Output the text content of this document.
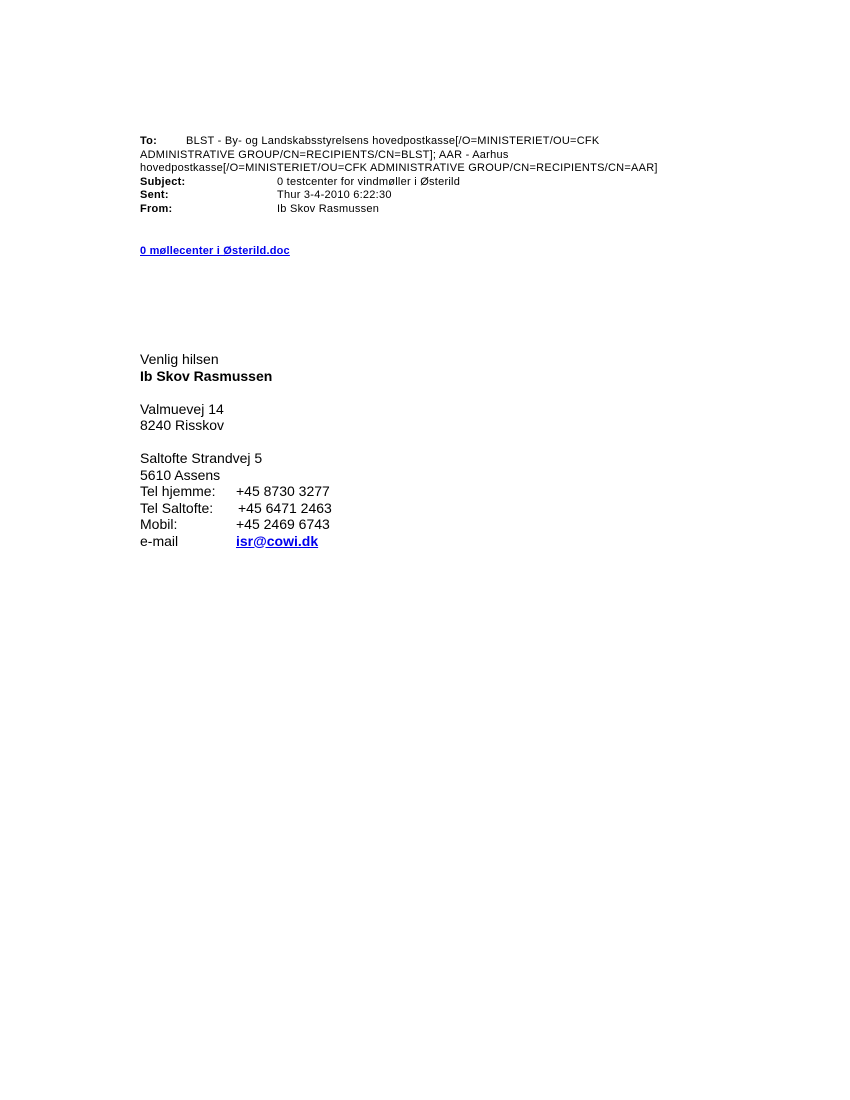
To:	BLST - By- og Landskabsstyrelsens hovedpostkasse[/O=MINISTERIET/OU=CFK ADMINISTRATIVE GROUP/CN=RECIPIENTS/CN=BLST]; AAR - Aarhus hovedpostkasse[/O=MINISTERIET/OU=CFK ADMINISTRATIVE GROUP/CN=RECIPIENTS/CN=AAR]
Subject:	0 testcenter for vindmøller i Østerild
Sent:	Thur 3-4-2010 6:22:30
From:	Ib Skov Rasmussen
0 møllecenter i Østerild.doc
Venlig hilsen
Ib Skov Rasmussen
Valmuevej 14
8240 Risskov
Saltofte Strandvej 5
5610 Assens
Tel hjemme: +45 8730 3277
Tel Saltofte: +45 6471 2463
Mobil:	+45 2469 6743
e-mail	isr@cowi.dk
